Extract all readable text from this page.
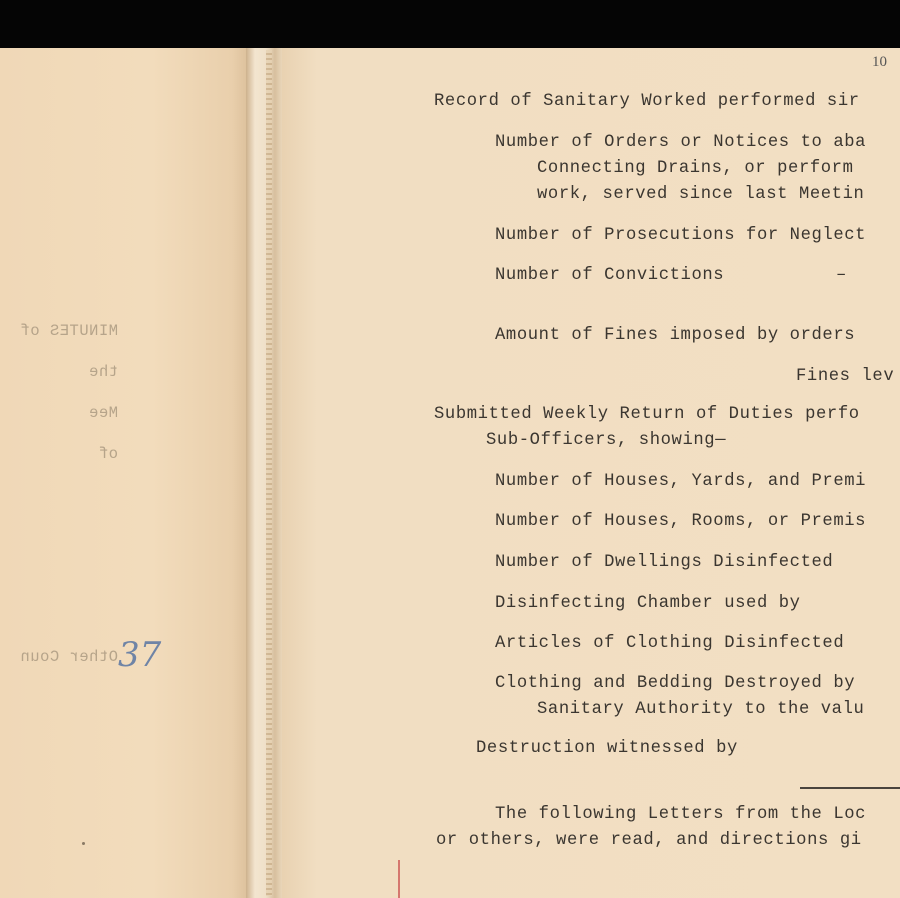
MINUTES of
the
Mee
of
Other Coun 37
10
Record of Sanitary Worked performed sir
Number of Orders or Notices to aba
Connecting Drains, or perform
work, served since last Meetin
Number of Prosecutions for Neglect
Number of Convictions	–
Amount of Fines imposed by orders
Fines lev
Submitted Weekly Return of Duties perfo
Sub-Officers, showing—
Number of Houses, Yards, and Premi
Number of Houses, Rooms, or Premis
Number of Dwellings Disinfected
Disinfecting Chamber used by
Articles of Clothing Disinfected
Clothing and Bedding Destroyed by
Sanitary Authority to the valu
Destruction witnessed by
The following Letters from the Loc
or others, were read, and directions gi
